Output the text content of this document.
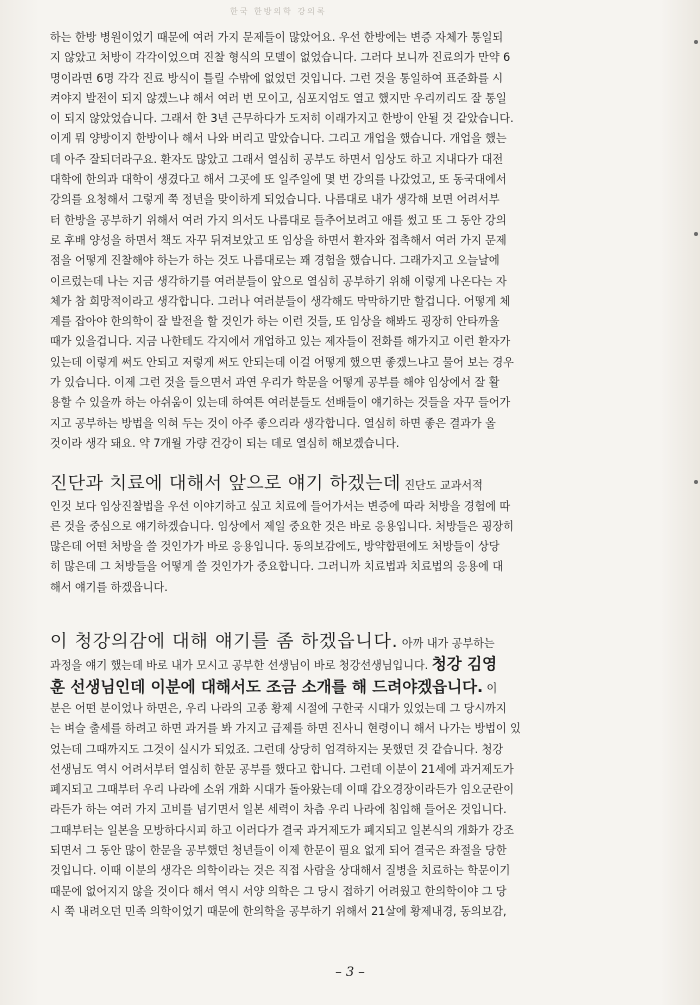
한국 한방의학 강의록
하는 한방 병원이었기 때문에 여러 가지 문제들이 많았어요. 우선 한방에는 변증 자체가 통일되
지 않았고 처방이 각각이었으며 진찰 형식의 모델이 없었습니다. 그러다 보니까 진료의가 만약 6
명이라면 6명 각각 진료 방식이 틀릴 수밖에 없었던 것입니다. 그런 것을 통일하여 표준화를 시
켜야지 발전이 되지 않겠느냐 해서 여러 번 모이고, 심포지엄도 열고 했지만 우리끼리도 잘 통일
이 되지 않았었습니다. 그래서 한 3년 근무하다가 도저히 이래가지고 한방이 안될 것 같았습니다.
이게 뭐 양방이지 한방이나 해서 나와 버리고 말았습니다. 그리고 개업을 했습니다. 개업을 했는
데 아주 잘되더라구요. 환자도 많았고 그래서 열심히 공부도 하면서 임상도 하고 지내다가 대전
대학에 한의과 대학이 생겼다고 해서 그곳에 또 일주일에 몇 번 강의를 나갔었고, 또 동국대에서
강의를 요청해서 그렇게 쭉 정년을 맞이하게 되었습니다. 나름대로 내가 생각해 보면 어려서부
터 한방을 공부하기 위해서 여러 가지 의서도 나름대로 들추어보려고 애를 썼고 또 그 동안 강의
로 후배 양성을 하면서 책도 자꾸 뒤져보았고 또 임상을 하면서 환자와 접촉해서 여러 가지 문제
점을 어떻게 진찰해야 하는가 하는 것도 나름대로는 꽤 경험을 했습니다. 그래가지고 오늘날에
이르렀는데 나는 지금 생각하기를 여러분들이 앞으로 열심히 공부하기 위해 이렇게 나온다는 자
체가 참 희망적이라고 생각합니다. 그러나 여러분들이 생각해도 막막하기만 할겁니다. 어떻게 체
계를 잡아야 한의학이 잘 발전을 할 것인가 하는 이런 것들, 또 임상을 해봐도 굉장히 안타까울
때가 있을겁니다. 지금 나한테도 각지에서 개업하고 있는 제자들이 전화를 해가지고 이런 환자가
있는데 이렇게 써도 안되고 저렇게 써도 안되는데 이걸 어떻게 했으면 좋겠느냐고 물어 보는 경우
가 있습니다. 이제 그런 것을 들으면서 과연 우리가 학문을 어떻게 공부를 해야 임상에서 잘 활
용할 수 있을까 하는 아쉬움이 있는데 하여튼 여러분들도 선배들이 얘기하는 것들을 자꾸 들어가
지고 공부하는 방법을 익혀 두는 것이 아주 좋으리라 생각합니다. 열심히 하면 좋은 결과가 올
것이라 생각 돼요. 약 7개월 가량 건강이 되는 데로 열심히 해보겠습니다.
진단과 치료에 대해서 앞으로 얘기 하겠는데 진단도 교과서적
인것 보다 임상진찰법을 우선 이야기하고 싶고 치료에 들어가서는 변증에 따라 처방을 경험에 따
른 것을 중심으로 얘기하겠습니다. 임상에서 제일 중요한 것은 바로 응용입니다. 처방들은 굉장히
많은데 어떤 처방을 쓸 것인가가 바로 응용입니다. 동의보감에도, 방약합편에도 처방들이 상당
히 많은데 그 처방들을 어떻게 쓸 것인가가 중요합니다. 그러니까 치료법과 치료법의 응용에 대
해서 얘기를 하겠읍니다.
이 청강의감에 대해 얘기를 좀 하겠읍니다. 아까 내가 공부하는
과정을 얘기 했는데 바로 내가 모시고 공부한 선생님이 바로 청강선생님입니다. 청강 김영
훈 선생님인데 이분에 대해서도 조금 소개를 해 드려야겠읍니다. 이
분은 어떤 분이었나 하면은, 우리 나라의 고종 황제 시절에 구한국 시대가 있었는데 그 당시까지
는 벼슬 출세를 하려고 하면 과거를 봐 가지고 급제를 하면 진사니 현령이니 해서 나가는 방법이 있
었는데 그때까지도 그것이 실시가 되었죠. 그런데 상당히 엄격하지는 못했던 것 같습니다. 청강
선생님도 역시 어려서부터 열심히 한문 공부를 했다고 합니다. 그런데 이분이 21세에 과거제도가
폐지되고 그때부터 우리 나라에 소위 개화 시대가 돌아왔는데 이때 갑오경장이라든가 임오군란이
라든가 하는 여러 가지 고비를 넘기면서 일본 세력이 차츰 우리 나라에 침입해 들어온 것입니다.
그때부터는 일본을 모방하다시피 하고 이러다가 결국 과거제도가 폐지되고 일본식의 개화가 강조
되면서 그 동안 많이 한문을 공부했던 청년들이 이제 한문이 필요 없게 되어 결국은 좌절을 당한
것입니다. 이때 이분의 생각은 의학이라는 것은 직접 사람을 상대해서 질병을 치료하는 학문이기
때문에 없어지지 않을 것이다 해서 역시 서양 의학은 그 당시 접하기 어려웠고 한의학이야 그 당
시 쭉 내려오던 민족 의학이었기 때문에 한의학을 공부하기 위해서 21살에 황제내경, 동의보감,
– 3 –
